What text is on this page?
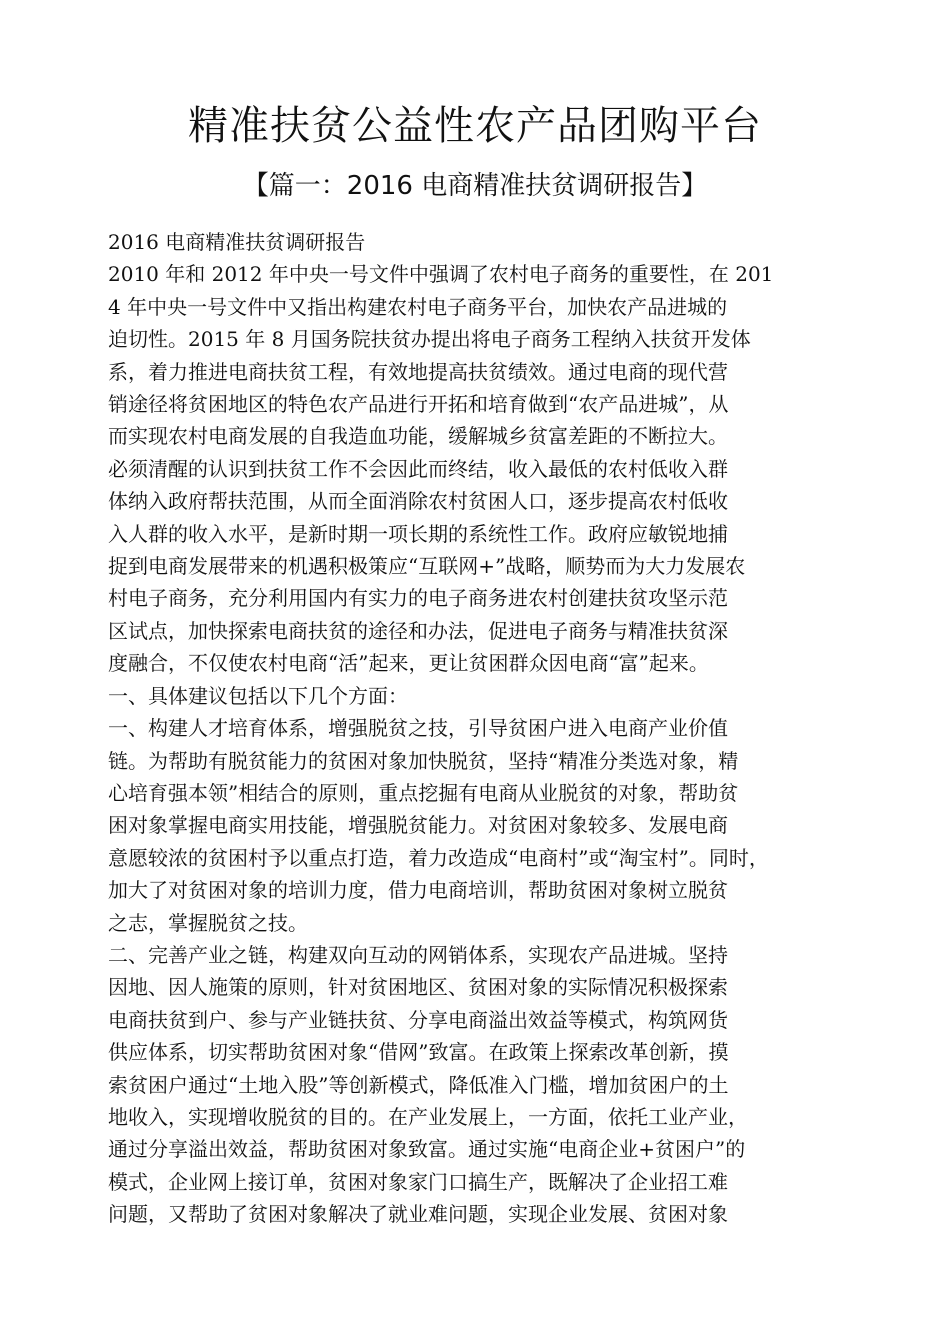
精准扶贫公益性农产品团购平台
【篇一：2016 电商精准扶贫调研报告】

2016 电商精准扶贫调研报告

2010 年和 2012 年中央一号文件中强调了农村电子商务的重要性，在 201

4 年中央一号文件中又指出构建农村电子商务平台，加快农产品进城的

迫切性。2015 年 8 月国务院扶贫办提出将电子商务工程纳入扶贫开发体

系，着力推进电商扶贫工程，有效地提高扶贫绩效。通过电商的现代营

销途径将贫困地区的特色农产品进行开拓和培育做到“农产品进城”，从

而实现农村电商发展的自我造血功能，缓解城乡贫富差距的不断拉大。

必须清醒的认识到扶贫工作不会因此而终结，收入最低的农村低收入群

体纳入政府帮扶范围，从而全面消除农村贫困人口，逐步提高农村低收

入人群的收入水平，是新时期一项长期的系统性工作。政府应敏锐地捕

捉到电商发展带来的机遇积极策应“互联网+”战略，顺势而为大力发展农

村电子商务，充分利用国内有实力的电子商务进农村创建扶贫攻坚示范

区试点，加快探索电商扶贫的途径和办法，促进电子商务与精准扶贫深

度融合，不仅使农村电商“活”起来，更让贫困群众因电商“富”起来。

一、具体建议包括以下几个方面：

一、构建人才培育体系，增强脱贫之技，引导贫困户进入电商产业价值

链。为帮助有脱贫能力的贫困对象加快脱贫，坚持“精准分类选对象，精

心培育强本领”相结合的原则，重点挖掘有电商从业脱贫的对象，帮助贫

困对象掌握电商实用技能，增强脱贫能力。对贫困对象较多、发展电商

意愿较浓的贫困村予以重点打造，着力改造成“电商村”或“淘宝村”。同时，

加大了对贫困对象的培训力度，借力电商培训，帮助贫困对象树立脱贫

之志，掌握脱贫之技。

二、完善产业之链，构建双向互动的网销体系，实现农产品进城。坚持

因地、因人施策的原则，针对贫困地区、贫困对象的实际情况积极探索

电商扶贫到户、参与产业链扶贫、分享电商溢出效益等模式，构筑网货

供应体系，切实帮助贫困对象“借网”致富。在政策上探索改革创新，摸

索贫困户通过“土地入股”等创新模式，降低准入门槛，增加贫困户的土

地收入，实现增收脱贫的目的。在产业发展上，一方面，依托工业产业，

通过分享溢出效益，帮助贫困对象致富。通过实施“电商企业+贫困户”的

模式，企业网上接订单，贫困对象家门口搞生产，既解决了企业招工难

问题，又帮助了贫困对象解决了就业难问题，实现企业发展、贫困对象
